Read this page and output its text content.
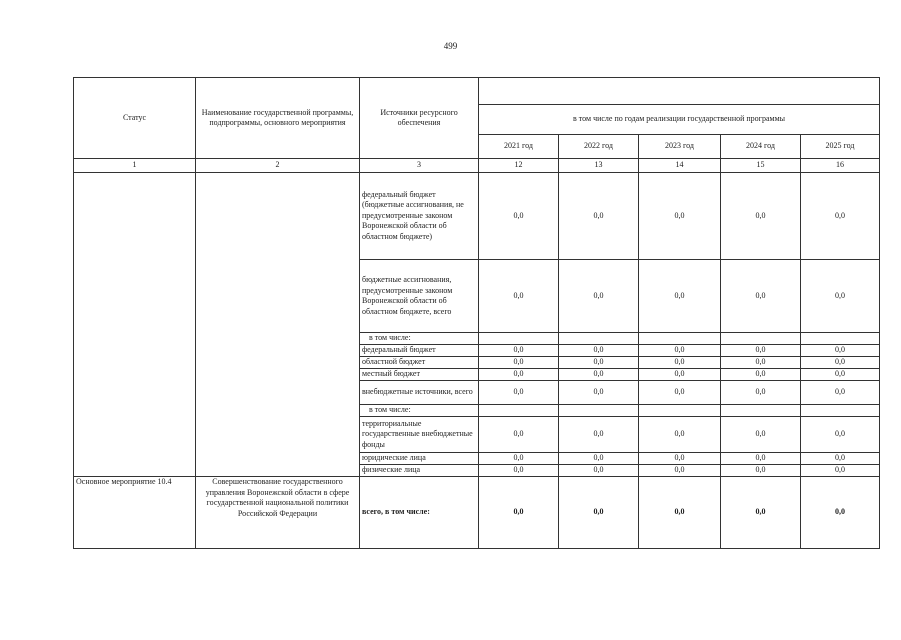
499
Статус	Наименование государственной программы, подпрограммы, основного мероприятия	Источники ресурсного обеспечения					
			в том числе по годам реализации государственной программы				
			2021 год	2022 год	2023 год	2024 год	2025 год
1	2	3	12	13	14	15	16
		федеральный бюджет (бюджетные ассигнования, не предусмотренные законом Воронежской области об областном бюджете)	0,0	0,0	0,0	0,0	0,0
		бюджетные ассигнования, предусмотренные законом Воронежской области об областном бюджете, всего	0,0	0,0	0,0	0,0	0,0
		в том числе:					
		федеральный бюджет	0,0	0,0	0,0	0,0	0,0
		областной бюджет	0,0	0,0	0,0	0,0	0,0
		местный бюджет	0,0	0,0	0,0	0,0	0,0
		внебюджетные источники, всего	0,0	0,0	0,0	0,0	0,0
		в том числе:					
		территориальные государственные внебюджетные фонды	0,0	0,0	0,0	0,0	0,0
		юридические лица	0,0	0,0	0,0	0,0	0,0
		физические лица	0,0	0,0	0,0	0,0	0,0
Основное мероприятие 10.4	Совершенствование государственного управления Воронежской области в сфере государственной национальной политики Российской Федерации	всего, в том числе:	0,0	0,0	0,0	0,0	0,0
